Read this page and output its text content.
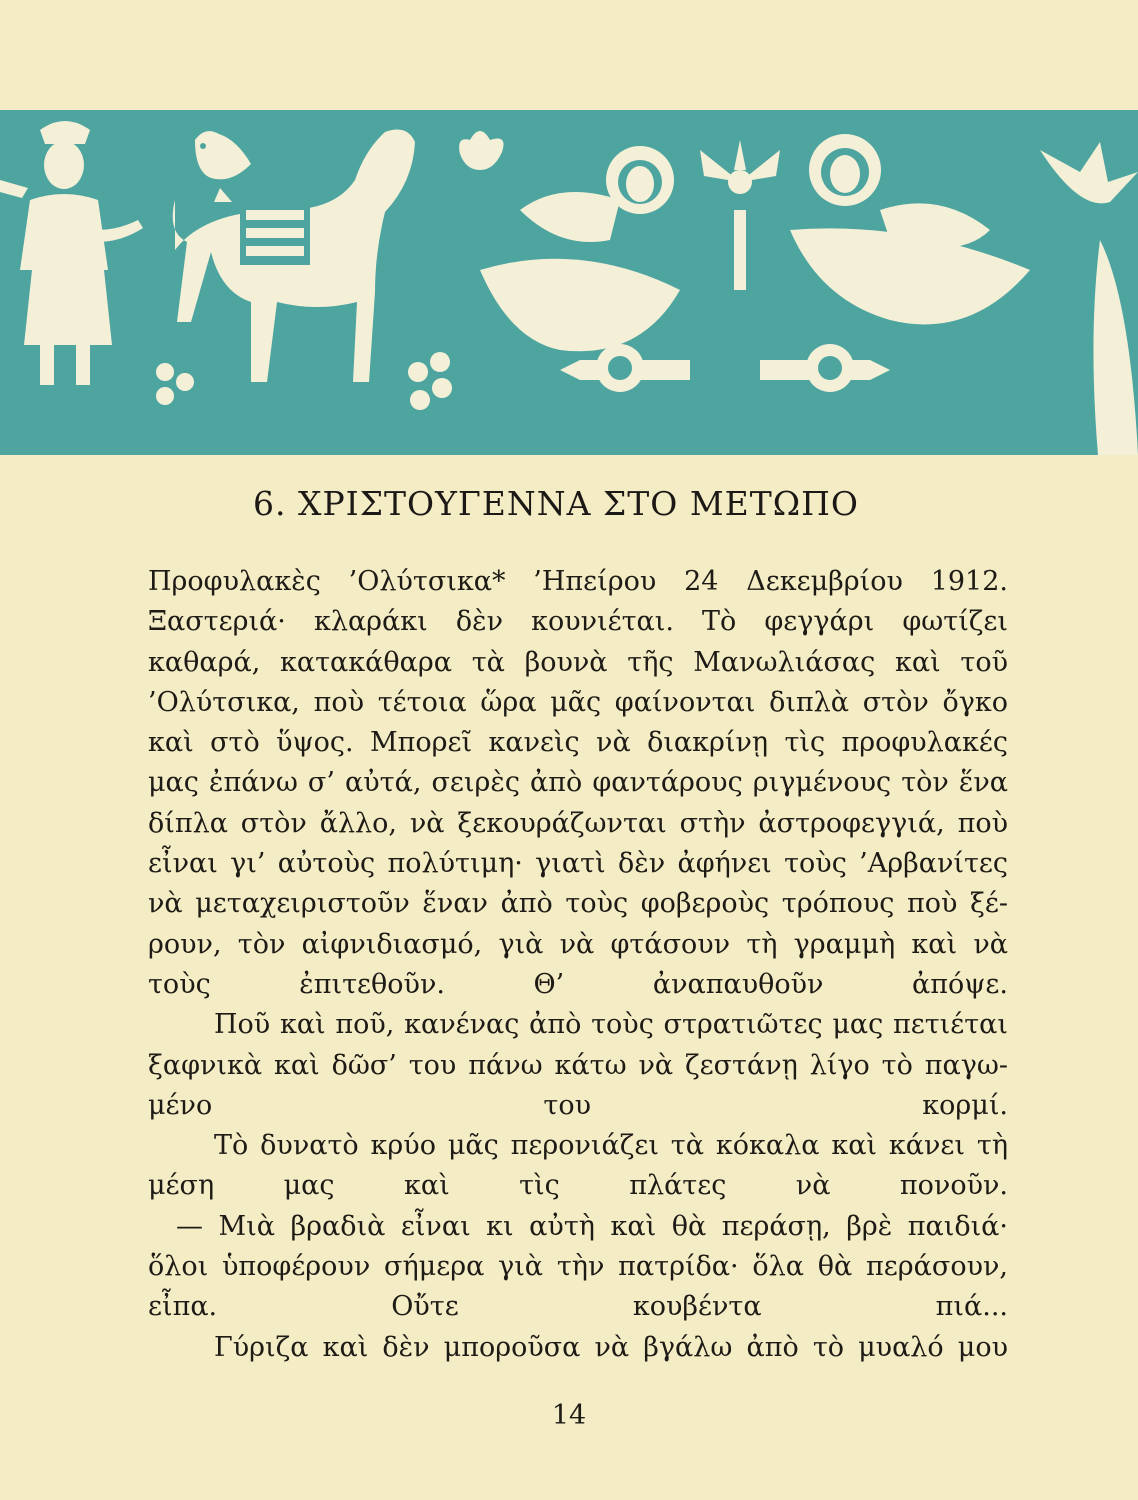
6. ΧΡΙΣΤΟΥΓΕΝΝΑ ΣΤΟ ΜΕΤΩΠΟ

Προφυλακὲς ’Ολύτσικα* ’Ηπείρου 24 Δεκεμβρίου 1912.
Ξαστεριά· κλαράκι δὲν κουνιέται. Τὸ φεγγάρι φωτίζει
καθαρά, κατακάθαρα τὰ βουνὰ τῆς Μανωλιάσας καὶ τοῦ
’Ολύτσικα, ποὺ τέτοια ὥρα μᾶς φαίνονται διπλὰ στὸν ὄγκο
καὶ στὸ ὕψος. Μπορεῖ κανεὶς νὰ διακρίνῃ τὶς προφυλακές
μας ἐπάνω σ’ αὐτά, σειρὲς ἀπὸ φαντάρους ριγμένους τὸν ἕνα
δίπλα στὸν ἄλλο, νὰ ξεκουράζωνται στὴν ἀστροφεγγιά, ποὺ
εἶναι γι’ αὐτοὺς πολύτιμη· γιατὶ δὲν ἀφήνει τοὺς ’Αρβανίτες
νὰ μεταχειριστοῦν ἕναν ἀπὸ τοὺς φοβεροὺς τρόπους ποὺ ξέ-
ρουν, τὸν αἰφνιδιασμό, γιὰ νὰ φτάσουν τὴ γραμμὴ καὶ νὰ
τοὺς ἐπιτεθοῦν. Θ’ ἀναπαυθοῦν ἀπόψε.

Ποῦ καὶ ποῦ, κανένας ἀπὸ τοὺς στρατιῶτες μας πετιέται
ξαφνικὰ καὶ δῶσ’ του πάνω κάτω νὰ ζεστάνῃ λίγο τὸ παγω-
μένο του κορμί.

Τὸ δυνατὸ κρύο μᾶς περονιάζει τὰ κόκαλα καὶ κάνει τὴ
μέση μας καὶ τὶς πλάτες νὰ πονοῦν.

— Μιὰ βραδιὰ εἶναι κι αὐτὴ καὶ θὰ περάσῃ, βρὲ παιδιά·
ὅλοι ὑποφέρουν σήμερα γιὰ τὴν πατρίδα· ὅλα θὰ περάσουν,
εἶπα. Οὔτε κουβέντα πιά...

Γύριζα καὶ δὲν μποροῦσα νὰ βγάλω ἀπὸ τὸ μυαλό μου

14
